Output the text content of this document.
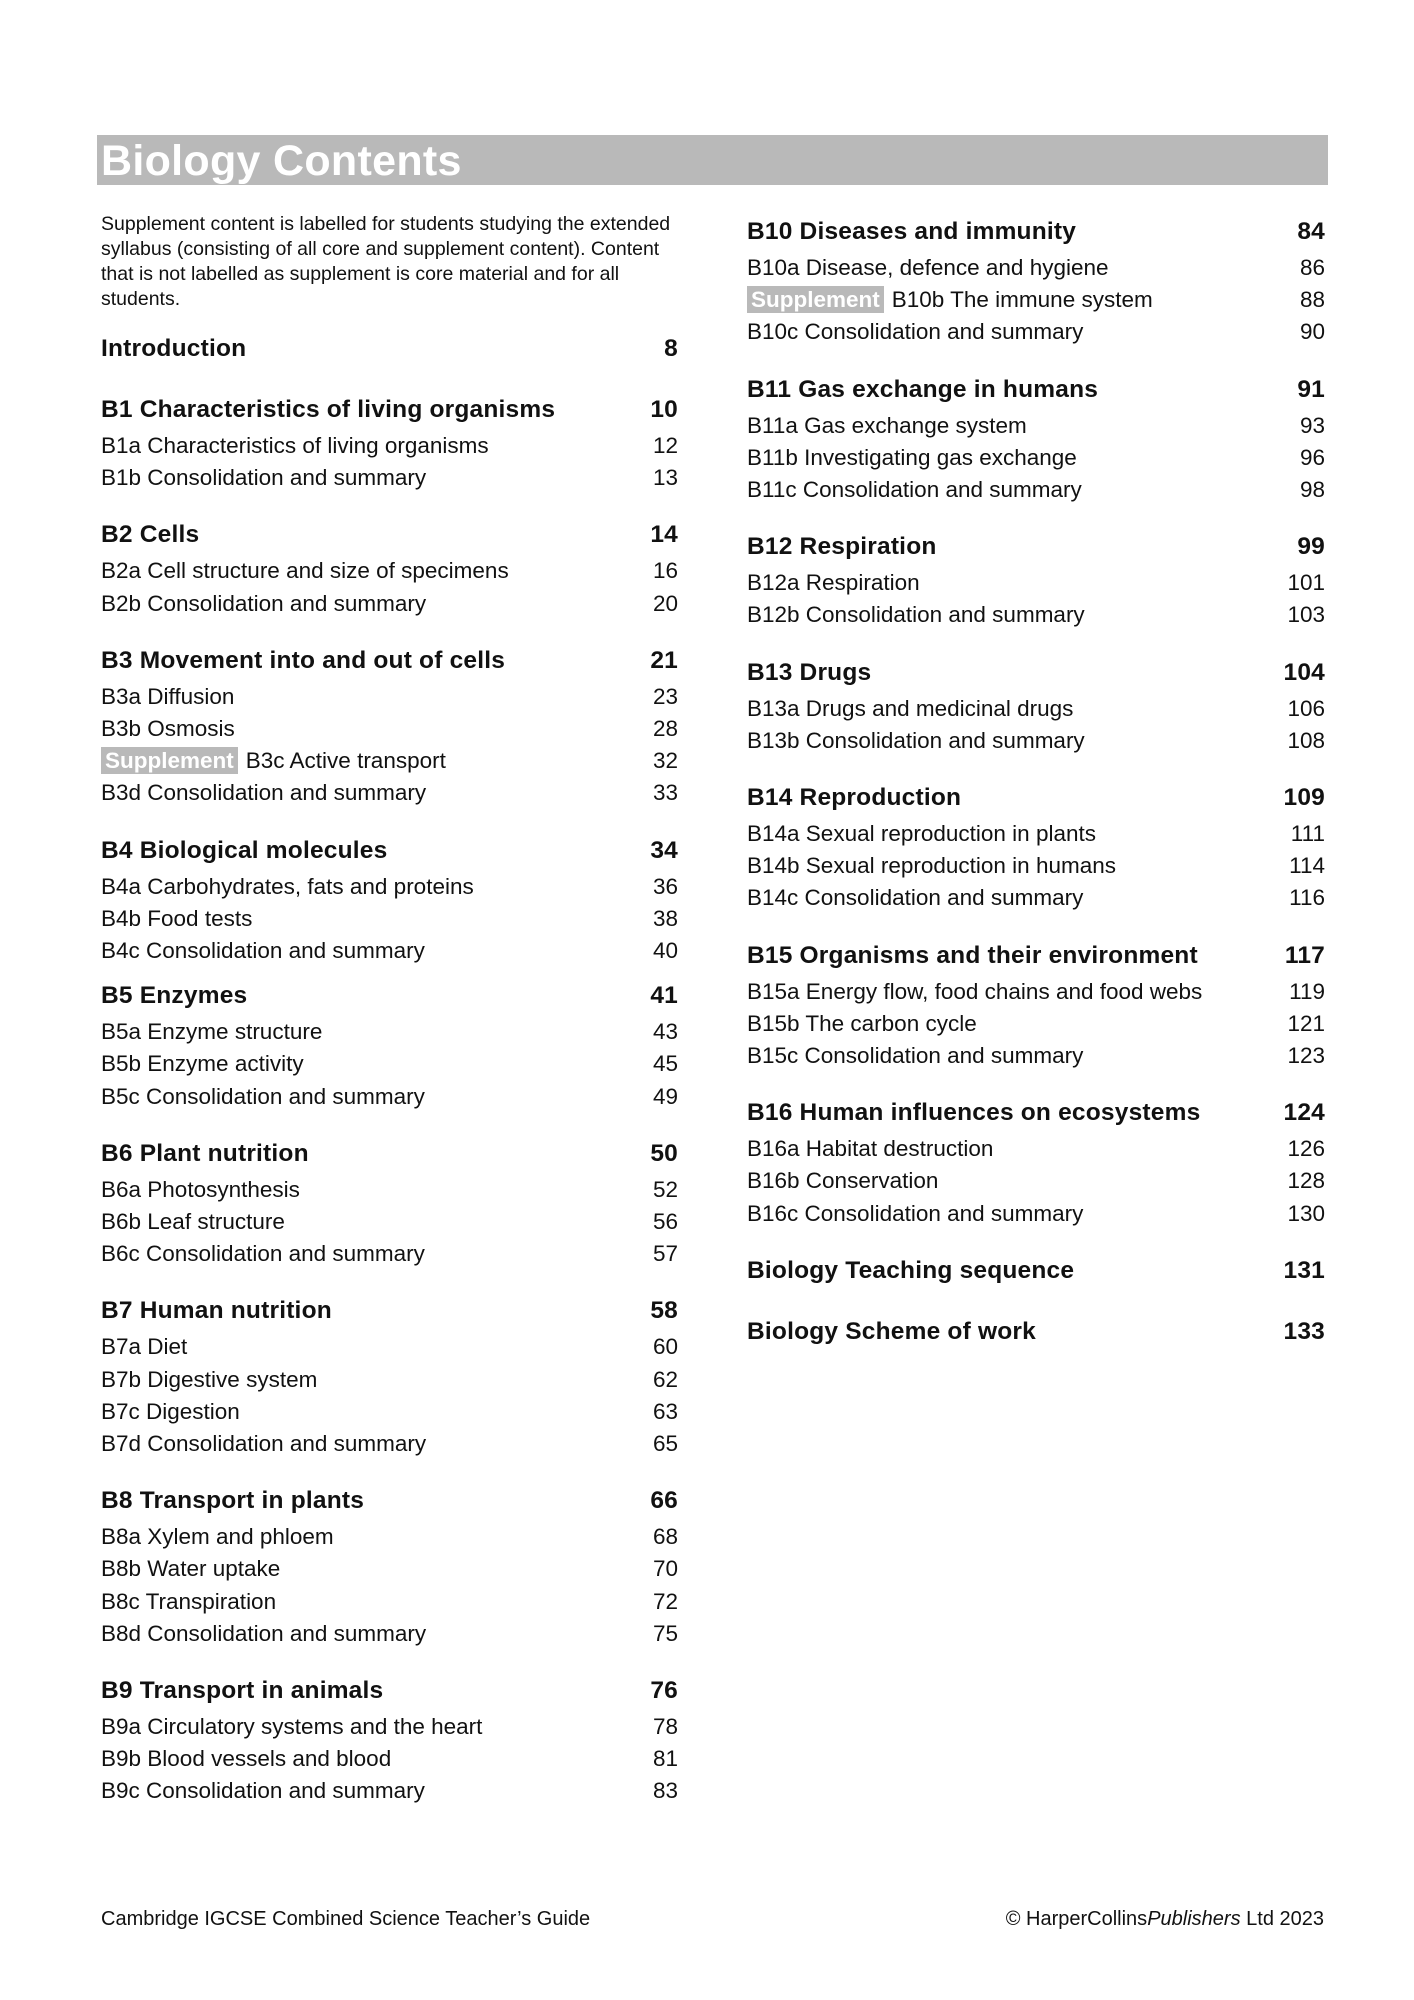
Biology Contents
Supplement content is labelled for students studying the extended syllabus (consisting of all core and supplement content). Content that is not labelled as supplement is core material and for all students.
Introduction	8
B1 Characteristics of living organisms	10
B1a Characteristics of living organisms	12
B1b Consolidation and summary	13
B2 Cells	14
B2a Cell structure and size of specimens	16
B2b Consolidation and summary	20
B3 Movement into and out of cells	21
B3a Diffusion	23
B3b Osmosis	28
Supplement B3c Active transport	32
B3d Consolidation and summary	33
B4 Biological molecules	34
B4a Carbohydrates, fats and proteins	36
B4b Food tests	38
B4c Consolidation and summary	40
B5 Enzymes	41
B5a Enzyme structure	43
B5b Enzyme activity	45
B5c Consolidation and summary	49
B6 Plant nutrition	50
B6a Photosynthesis	52
B6b Leaf structure	56
B6c Consolidation and summary	57
B7 Human nutrition	58
B7a Diet	60
B7b Digestive system	62
B7c Digestion	63
B7d Consolidation and summary	65
B8 Transport in plants	66
B8a Xylem and phloem	68
B8b Water uptake	70
B8c Transpiration	72
B8d Consolidation and summary	75
B9 Transport in animals	76
B9a Circulatory systems and the heart	78
B9b Blood vessels and blood	81
B9c Consolidation and summary	83
B10 Diseases and immunity	84
B10a Disease, defence and hygiene	86
Supplement B10b The immune system	88
B10c Consolidation and summary	90
B11 Gas exchange in humans	91
B11a Gas exchange system	93
B11b Investigating gas exchange	96
B11c Consolidation and summary	98
B12 Respiration	99
B12a Respiration	101
B12b Consolidation and summary	103
B13 Drugs	104
B13a Drugs and medicinal drugs	106
B13b Consolidation and summary	108
B14 Reproduction	109
B14a Sexual reproduction in plants	111
B14b Sexual reproduction in humans	114
B14c Consolidation and summary	116
B15 Organisms and their environment	117
B15a Energy flow, food chains and food webs	119
B15b The carbon cycle	121
B15c Consolidation and summary	123
B16 Human influences on ecosystems	124
B16a Habitat destruction	126
B16b Conservation	128
B16c Consolidation and summary	130
Biology Teaching sequence	131
Biology Scheme of work	133
Cambridge IGCSE Combined Science Teacher’s Guide	© HarperCollinsPublishers Ltd 2023
